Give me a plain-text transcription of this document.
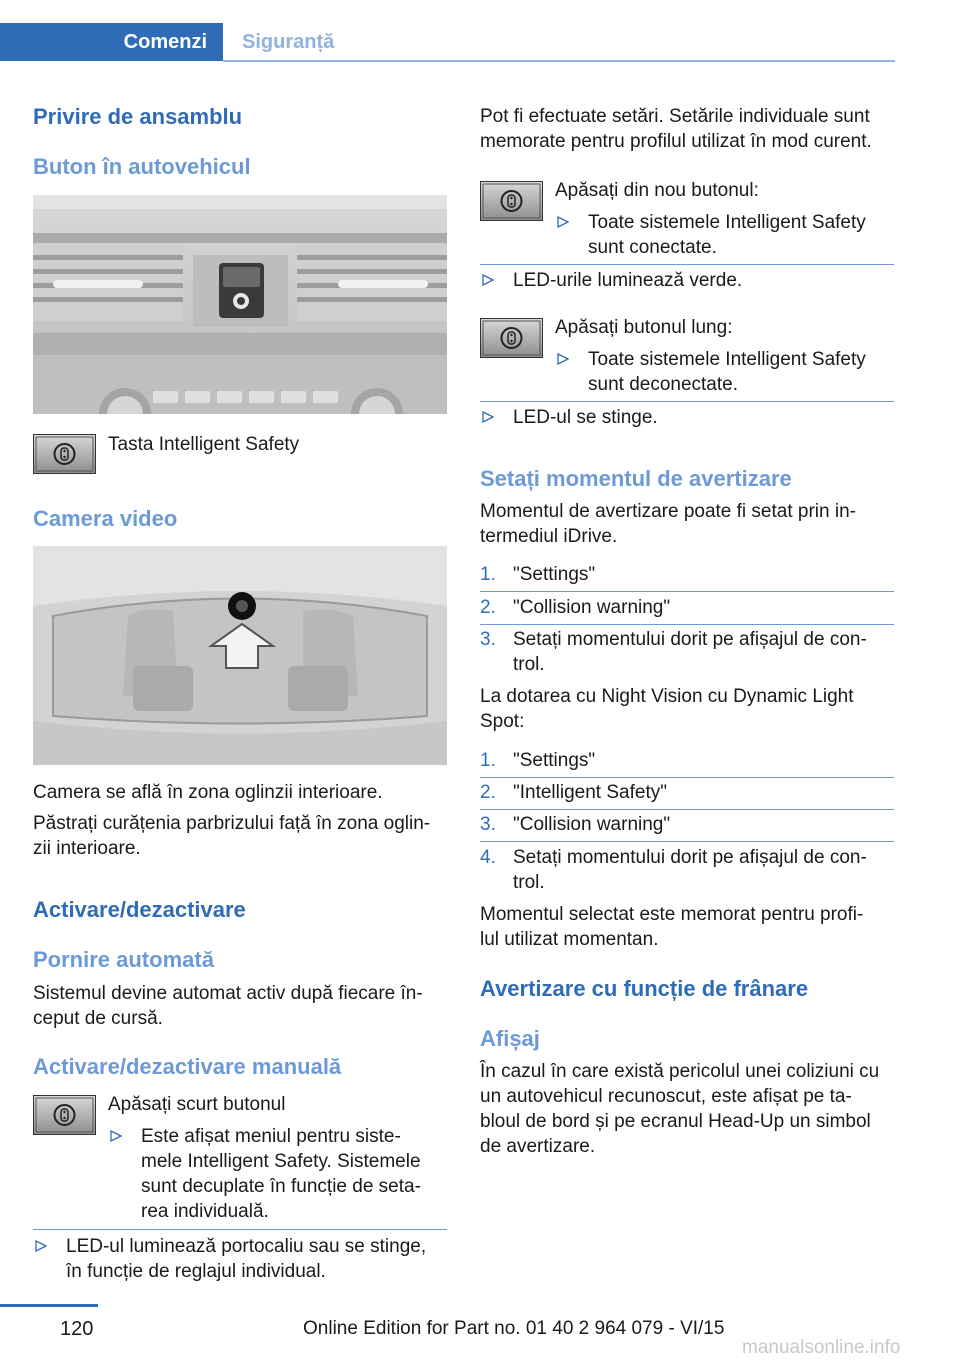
Comenzi	Siguranță
Privire de ansamblu
Buton în autovehicul
Tasta Intelligent Safety
Camera video
Camera se află în zona oglinzii interioare.
Păstrați curățenia parbrizului față în zona oglin‐
zii interioare.
Activare/dezactivare
Pornire automată
Sistemul devine automat activ după fiecare în‐
ceput de cursă.
Activare/dezactivare manuală
Apăsați scurt butonul
Este afișat meniul pentru siste‐
mele Intelligent Safety. Sistemele
sunt decuplate în funcție de seta‐
rea individuală.
LED-ul luminează portocaliu sau se stinge,
în funcție de reglajul individual.
Pot fi efectuate setări. Setările individuale sunt
memorate pentru profilul utilizat în mod curent.
Apăsați din nou butonul:
Toate sistemele Intelligent Safety
sunt conectate.
LED-urile luminează verde.
Apăsați butonul lung:
Toate sistemele Intelligent Safety
sunt deconectate.
LED-ul se stinge.
Setați momentul de avertizare
Momentul de avertizare poate fi setat prin in‐
termediul iDrive.
1. "Settings"
2. "Collision warning"
3. Setați momentului dorit pe afișajul de con‐
trol.
La dotarea cu Night Vision cu Dynamic Light
Spot:
1. "Settings"
2. "Intelligent Safety"
3. "Collision warning"
4. Setați momentului dorit pe afișajul de con‐
trol.
Momentul selectat este memorat pentru profi‐
lul utilizat momentan.
Avertizare cu funcție de frânare
Afișaj
În cazul în care există pericolul unei coliziuni cu
un autovehicul recunoscut, este afișat pe ta‐
bloul de bord și pe ecranul Head-Up un simbol
de avertizare.
120	Online Edition for Part no. 01 40 2 964 079 - VI/15
manualsonline.info
